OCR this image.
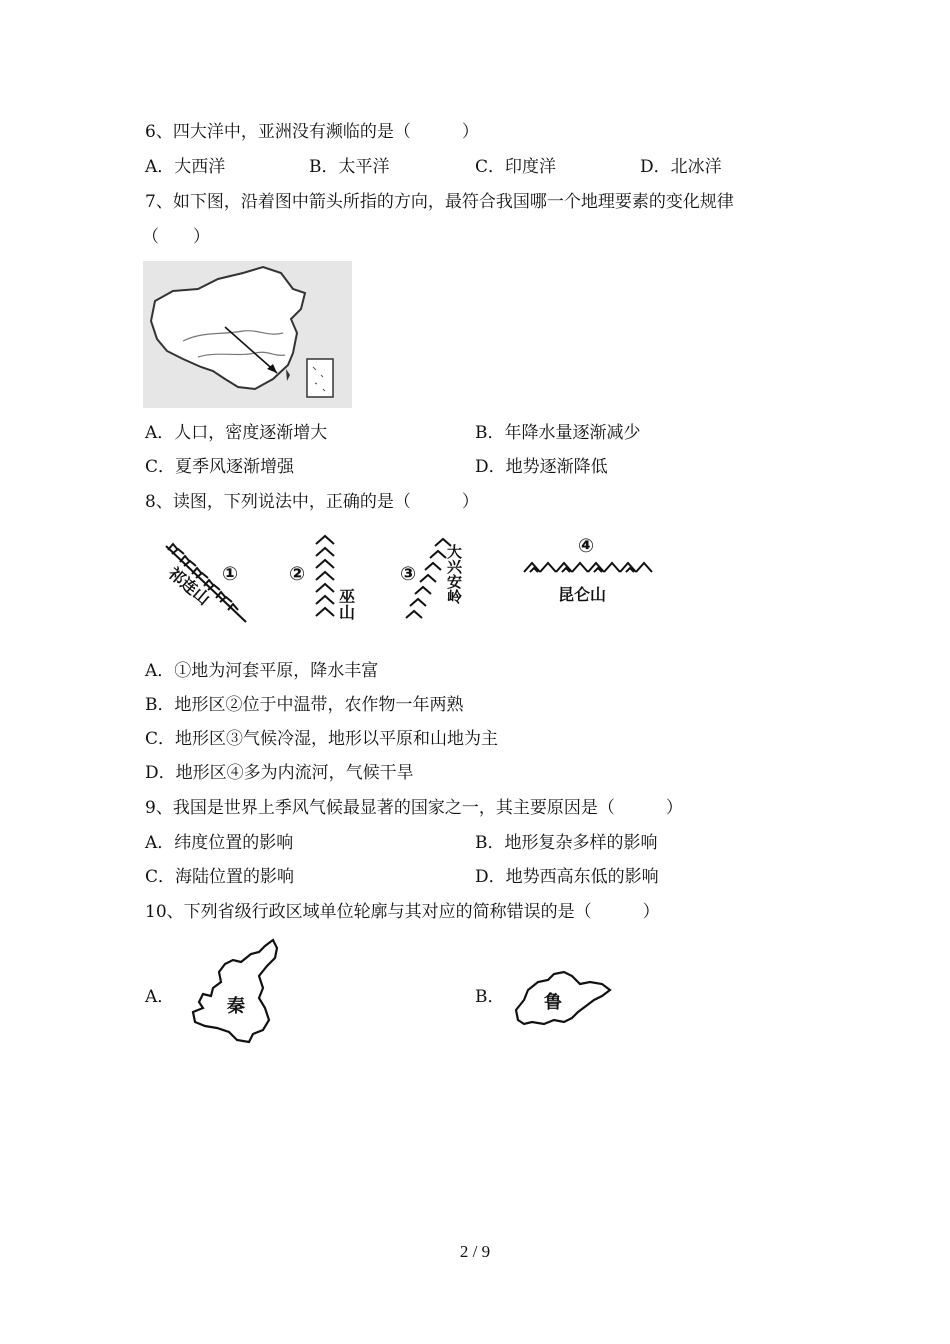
6、四大洋中，亚洲没有濒临的是（　　　）
A．大西洋	B．太平洋	C．印度洋	D．北冰洋
7、如下图，沿着图中箭头所指的方向，最符合我国哪一个地理要素的变化规律
（　　）
A．人口，密度逐渐增大	B．年降水量逐渐减少
C．夏季风逐渐增强	D．地势逐渐降低
8、读图，下列说法中，正确的是（　　　）
①
祁连山	②
巫山
③ 大兴安岭	④
昆仑山
A．①地为河套平原，降水丰富
B．地形区②位于中温带，农作物一年两熟
C．地形区③气候冷湿，地形以平原和山地为主
D．地形区④多为内流河，气候干旱
9、我国是世界上季风气候最显著的国家之一，其主要原因是（　　　）
A．纬度位置的影响	B．地形复杂多样的影响
C．海陆位置的影响	D．地势西高东低的影响
10、下列省级行政区域单位轮廓与其对应的简称错误的是（　　　）
A．	秦	B． 鲁
2 / 9
